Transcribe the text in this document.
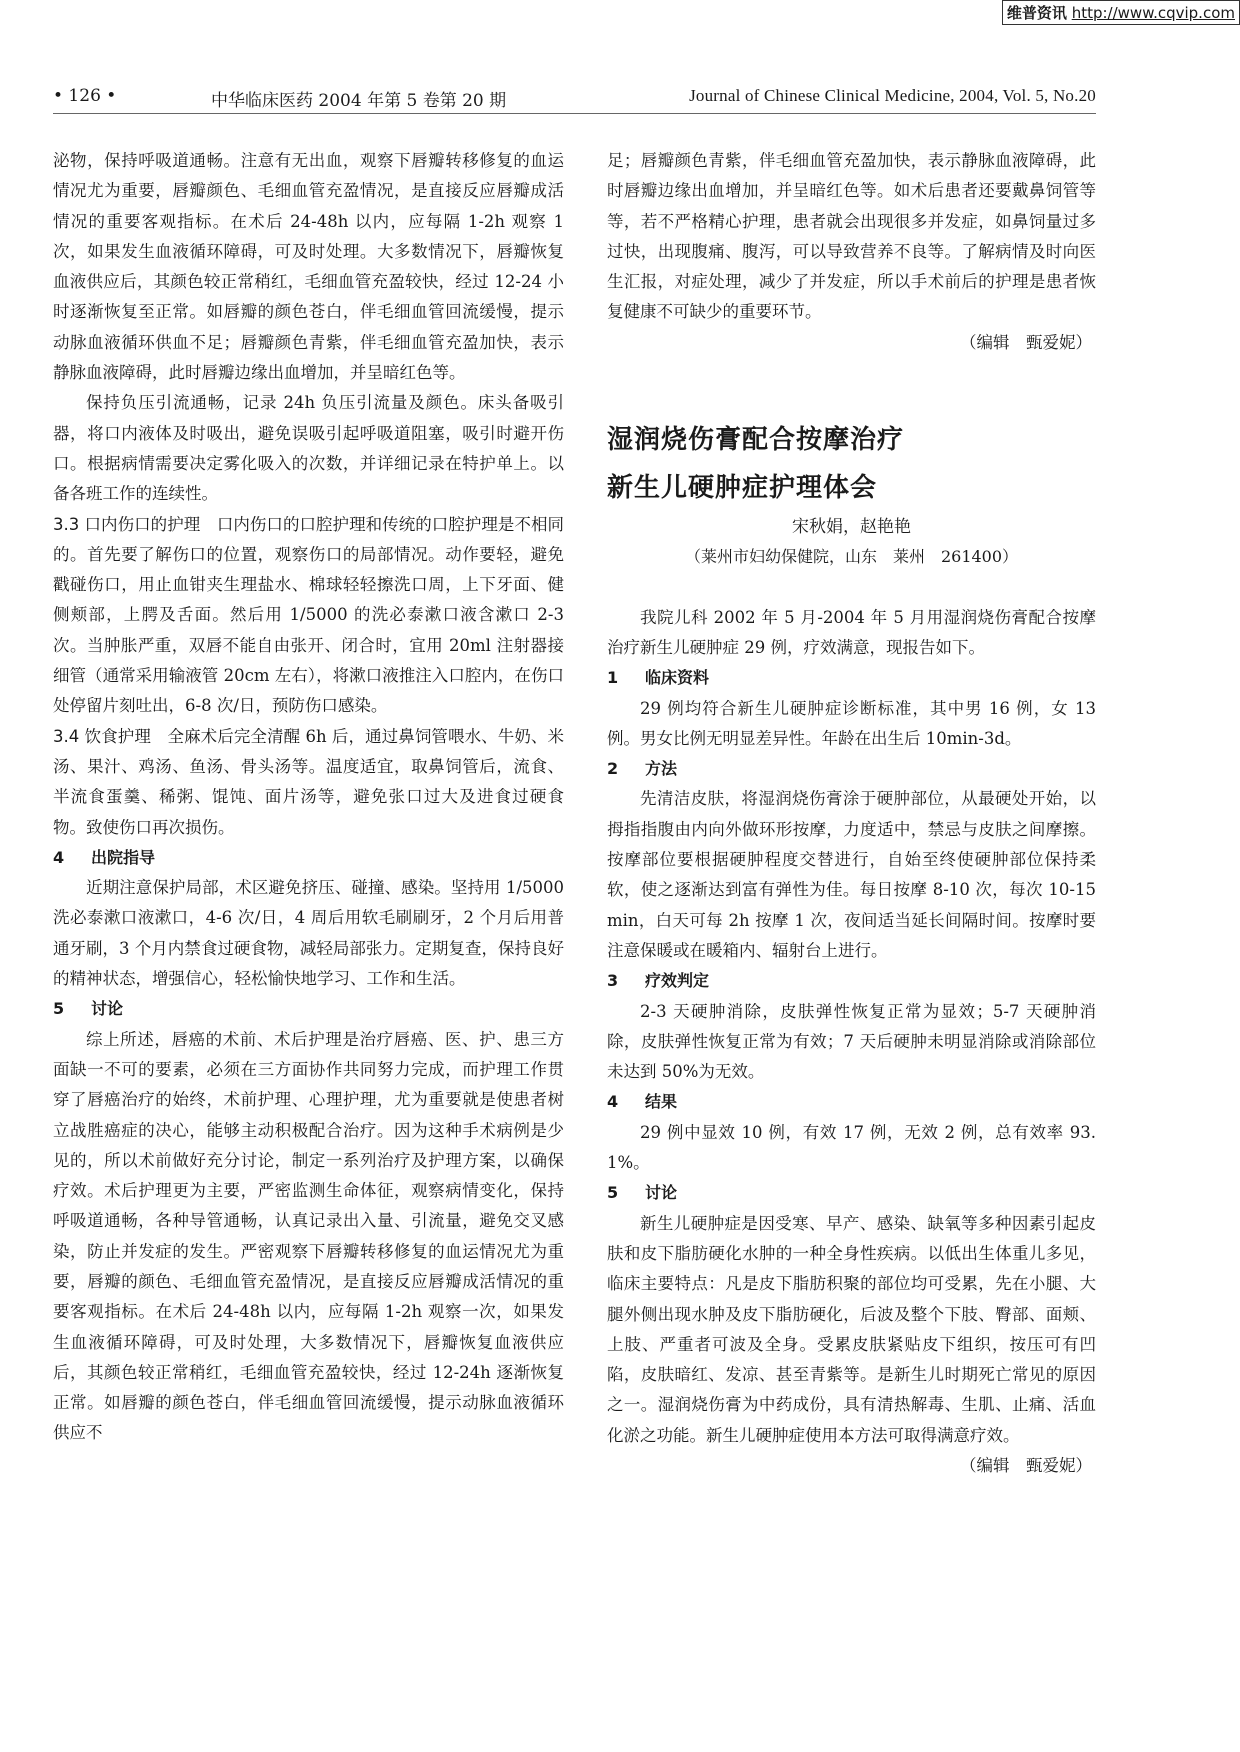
维普资讯 http://www.cqvip.com
• 126 •	中华临床医药 2004 年第 5 卷第 20 期	Journal of Chinese Clinical Medicine, 2004, Vol. 5, No.20

泌物，保持呼吸道通畅。注意有无出血，观察下唇瓣转移修复的血运情况尤为重要，唇瓣颜色、毛细血管充盈情况，是直接反应唇瓣成活情况的重要客观指标。在术后 24-48h 以内，应每隔 1-2h 观察 1 次，如果发生血液循环障碍，可及时处理。大多数情况下，唇瓣恢复血液供应后，其颜色较正常稍红，毛细血管充盈较快，经过 12-24 小时逐渐恢复至正常。如唇瓣的颜色苍白，伴毛细血管回流缓慢，提示动脉血液循环供血不足；唇瓣颜色青紫，伴毛细血管充盈加快，表示静脉血液障碍，此时唇瓣边缘出血增加，并呈暗红色等。

保持负压引流通畅，记录 24h 负压引流量及颜色。床头备吸引器，将口内液体及时吸出，避免误吸引起呼吸道阻塞，吸引时避开伤口。根据病情需要决定雾化吸入的次数，并详细记录在特护单上。以备各班工作的连续性。

3.3 口内伤口的护理　 口内伤口的口腔护理和传统的口腔护理是不相同的。首先要了解伤口的位置，观察伤口的局部情况。动作要轻，避免戳碰伤口，用止血钳夹生理盐水、棉球轻轻擦洗口周，上下牙面、健侧颊部，上腭及舌面。然后用 1/5000 的洗必泰漱口液含漱口 2-3 次。当肿胀严重，双唇不能自由张开、闭合时，宜用 20ml 注射器接细管（通常采用输液管 20cm 左右），将漱口液推注入口腔内，在伤口处停留片刻吐出，6-8 次/日，预防伤口感染。

3.4 饮食护理　 全麻术后完全清醒 6h 后，通过鼻饲管喂水、牛奶、米汤、果汁、鸡汤、鱼汤、骨头汤等。温度适宜，取鼻饲管后，流食、半流食蛋羹、稀粥、馄饨、面片汤等，避免张口过大及进食过硬食物。致使伤口再次损伤。

4 出院指导

近期注意保护局部，术区避免挤压、碰撞、感染。坚持用 1/5000 洗必泰漱口液漱口，4-6 次/日，4 周后用软毛刷刷牙，2 个月后用普通牙刷，3 个月内禁食过硬食物，减轻局部张力。定期复查，保持良好的精神状态，增强信心，轻松愉快地学习、工作和生活。

5 讨论

综上所述，唇癌的术前、术后护理是治疗唇癌、医、护、患三方面缺一不可的要素，必须在三方面协作共同努力完成，而护理工作贯穿了唇癌治疗的始终，术前护理、心理护理，尤为重要就是使患者树立战胜癌症的决心，能够主动积极配合治疗。因为这种手术病例是少见的，所以术前做好充分讨论，制定一系列治疗及护理方案，以确保疗效。术后护理更为主要，严密监测生命体征，观察病情变化，保持呼吸道通畅，各种导管通畅，认真记录出入量、引流量，避免交叉感染，防止并发症的发生。严密观察下唇瓣转移修复的血运情况尤为重要，唇瓣的颜色、毛细血管充盈情况，是直接反应唇瓣成活情况的重要客观指标。在术后 24-48h 以内，应每隔 1-2h 观察一次，如果发生血液循环障碍，可及时处理，大多数情况下，唇瓣恢复血液供应后，其颜色较正常稍红，毛细血管充盈较快，经过 12-24h 逐渐恢复正常。如唇瓣的颜色苍白，伴毛细血管回流缓慢，提示动脉血液循环供应不

足；唇瓣颜色青紫，伴毛细血管充盈加快，表示静脉血液障碍，此时唇瓣边缘出血增加，并呈暗红色等。如术后患者还要戴鼻饲管等等，若不严格精心护理，患者就会出现很多并发症，如鼻饲量过多过快，出现腹痛、腹泻，可以导致营养不良等。了解病情及时向医生汇报，对症处理，减少了并发症，所以手术前后的护理是患者恢复健康不可缺少的重要环节。

（编辑　甄爱妮）

湿润烧伤膏配合按摩治疗

新生儿硬肿症护理体会

宋秋娟，赵艳艳

（莱州市妇幼保健院，山东　莱州　261400）

我院儿科 2002 年 5 月-2004 年 5 月用湿润烧伤膏配合按摩治疗新生儿硬肿症 29 例，疗效满意，现报告如下。

1 临床资料

29 例均符合新生儿硬肿症诊断标准，其中男 16 例，女 13 例。男女比例无明显差异性。年龄在出生后 10min-3d。

2 方法

先清洁皮肤，将湿润烧伤膏涂于硬肿部位，从最硬处开始，以拇指指腹由内向外做环形按摩，力度适中，禁忌与皮肤之间摩擦。按摩部位要根据硬肿程度交替进行，自始至终使硬肿部位保持柔软，使之逐渐达到富有弹性为佳。每日按摩 8-10 次，每次 10-15min，白天可每 2h 按摩 1 次，夜间适当延长间隔时间。按摩时要注意保暖或在暖箱内、辐射台上进行。

3 疗效判定

2-3 天硬肿消除，皮肤弹性恢复正常为显效；5-7 天硬肿消除，皮肤弹性恢复正常为有效；7 天后硬肿未明显消除或消除部位未达到 50%为无效。

4 结果

29 例中显效 10 例，有效 17 例，无效 2 例，总有效率 93.1%。

5 讨论

新生儿硬肿症是因受寒、早产、感染、缺氧等多种因素引起皮肤和皮下脂肪硬化水肿的一种全身性疾病。以低出生体重儿多见，临床主要特点：凡是皮下脂肪积聚的部位均可受累，先在小腿、大腿外侧出现水肿及皮下脂肪硬化，后波及整个下肢、臀部、面颊、上肢、严重者可波及全身。受累皮肤紧贴皮下组织，按压可有凹陷，皮肤暗红、发凉、甚至青紫等。是新生儿时期死亡常见的原因之一。湿润烧伤膏为中药成份，具有清热解毒、生肌、止痛、活血化淤之功能。新生儿硬肿症使用本方法可取得满意疗效。

（编辑　甄爱妮）
